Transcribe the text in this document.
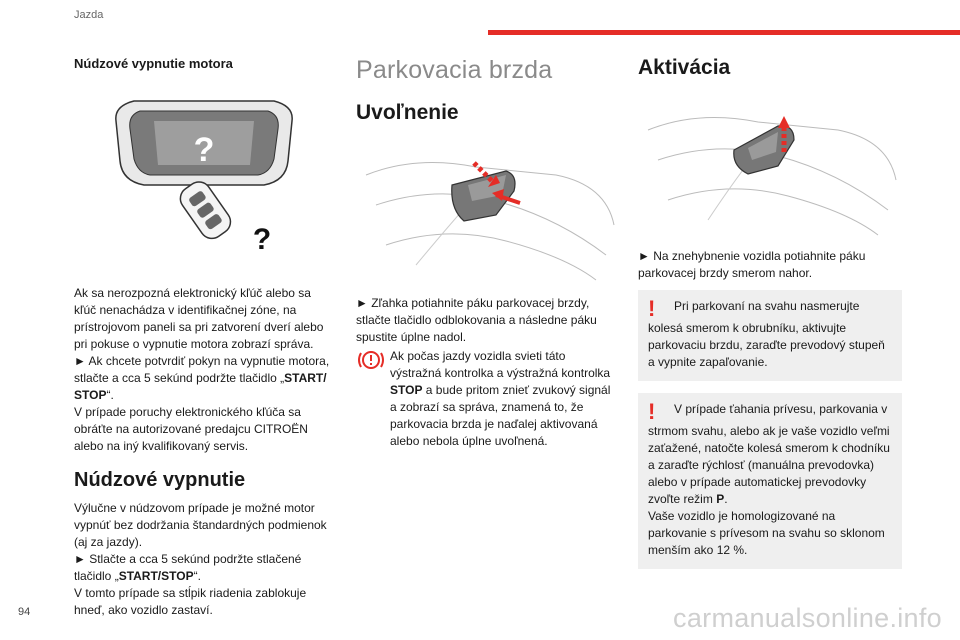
Jazda
Núdzové vypnutie motora
?
?

Ak sa nerozpozná elektronický kľúč alebo sa kľúč nenachádza v identifikačnej zóne, na prístrojovom paneli sa pri zatvorení dverí alebo pri pokuse o vypnutie motora zobrazí správa.

► Ak chcete potvrdiť pokyn na vypnutie motora, stlačte a cca 5 sekúnd podržte tlačidlo „START/ STOP“.

V prípade poruchy elektronického kľúča sa obráťte na autorizované predajcu CITROËN alebo na iný kvalifikovaný servis.

Núdzové vypnutie

Výlučne v núdzovom prípade je možné motor vypnúť bez dodržania štandardných podmienok (aj za jazdy).

► Stlačte a cca 5 sekúnd podržte stlačené tlačidlo „START/STOP“.

V tomto prípade sa stĺpik riadenia zablokuje hneď, ako vozidlo zastaví.

Parkovacia brzda
Uvoľnenie

► Zľahka potiahnite páku parkovacej brzdy, stlačte tlačidlo odblokovania a následne páku spustite úplne nadol.

Ak počas jazdy vozidla svieti táto výstražná kontrolka a výstražná kontrolka STOP a bude pritom znieť zvukový signál a zobrazí sa správa, znamená to, že parkovacia brzda je naďalej aktivovaná alebo nebola úplne uvoľnená.

Aktivácia

► Na znehybnenie vozidla potiahnite páku parkovacej brzdy smerom nahor.

! Pri parkovaní na svahu nasmerujte kolesá smerom k obrubníku, aktivujte parkovaciu brzdu, zaraďte prevodový stupeň a vypnite zapaľovanie.

! V prípade ťahania prívesu, parkovania v strmom svahu, alebo ak je vaše vozidlo veľmi zaťažené, natočte kolesá smerom k chodníku a zaraďte rýchlosť (manuálna prevodovka) alebo v prípade automatickej prevodovky zvoľte režim P.

Vaše vozidlo je homologizované na parkovanie s prívesom na svahu so sklonom menším ako 12 %.

94	carmanualsonline.info
